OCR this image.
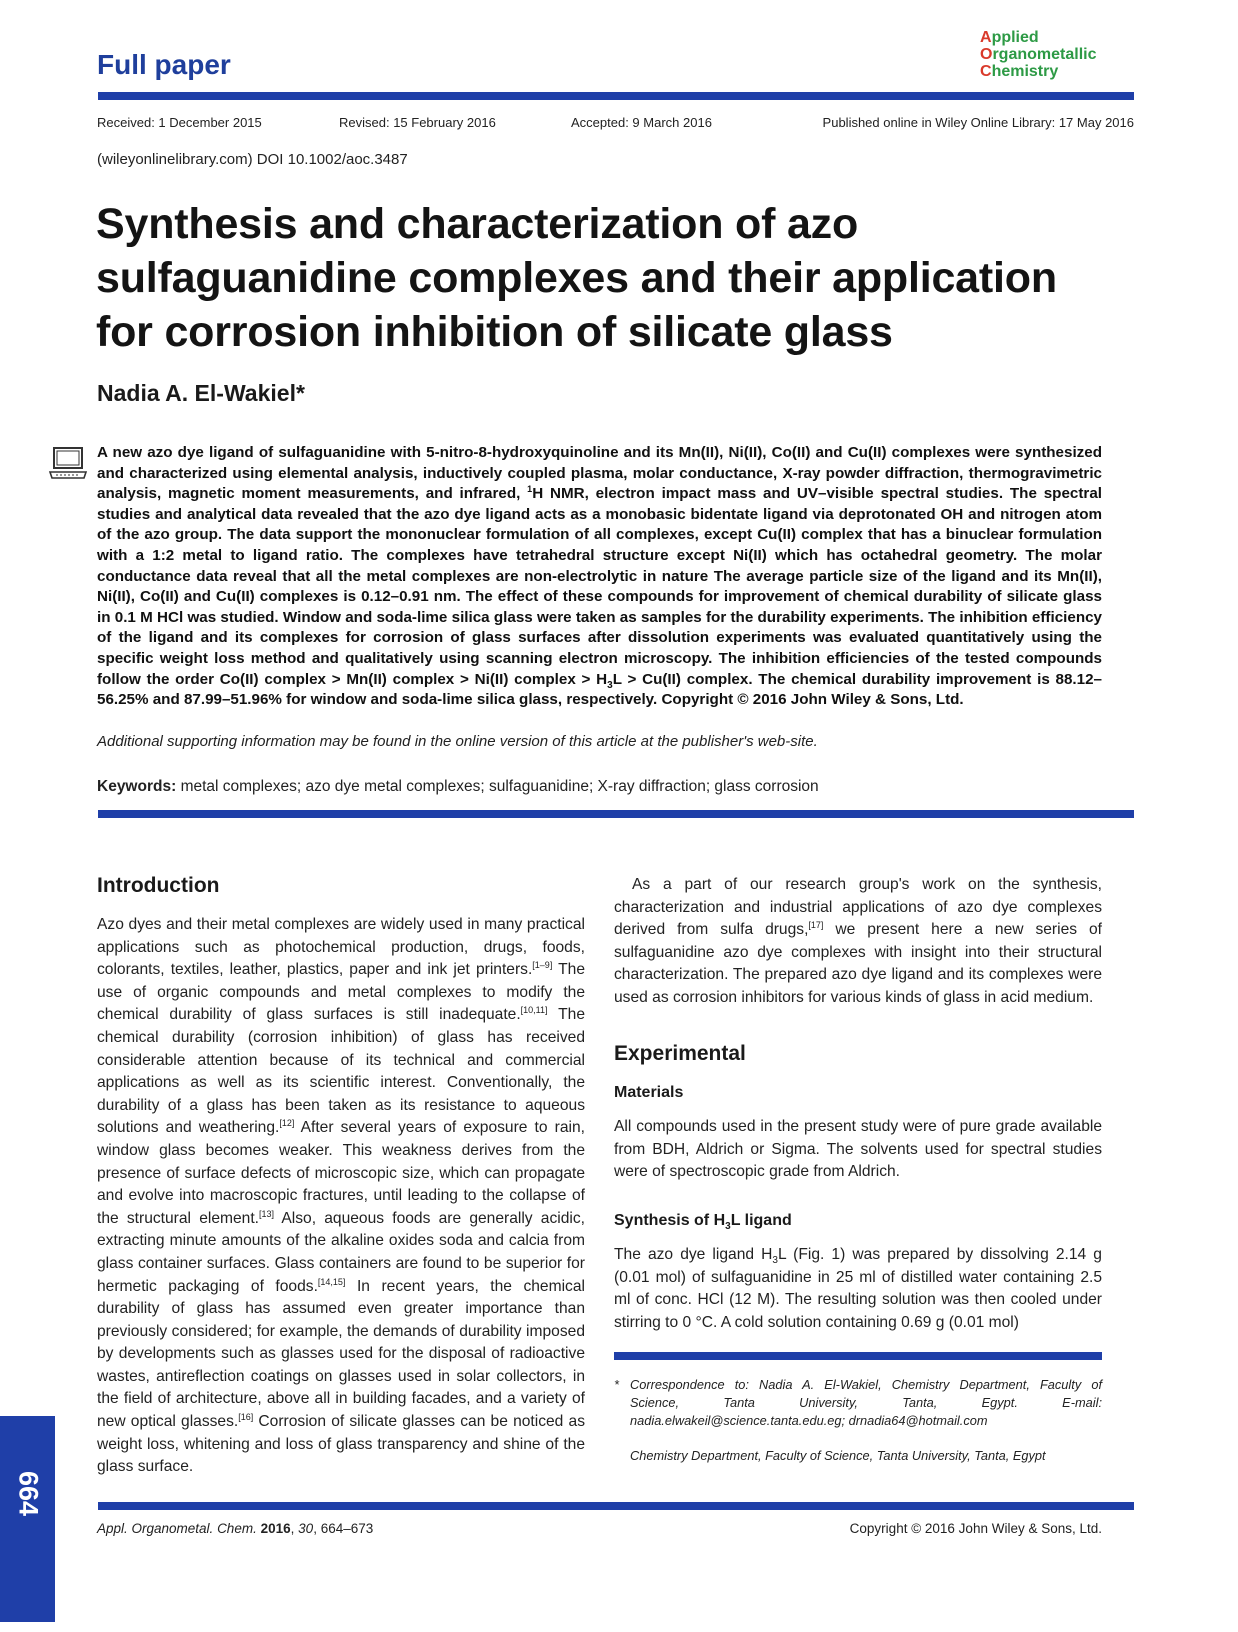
Full paper
Applied
Organometallic
Chemistry
Received: 1 December 2015	Revised: 15 February 2016	Accepted: 9 March 2016	Published online in Wiley Online Library: 17 May 2016
(wileyonlinelibrary.com) DOI 10.1002/aoc.3487
Synthesis and characterization of azo
sulfaguanidine complexes and their application
for corrosion inhibition of silicate glass
Nadia A. El-Wakiel*
A new azo dye ligand of sulfaguanidine with 5-nitro-8-hydroxyquinoline and its Mn(II), Ni(II), Co(II) and Cu(II) complexes were synthesized and characterized using elemental analysis, inductively coupled plasma, molar conductance, X-ray powder diffraction, thermogravimetric analysis, magnetic moment measurements, and infrared, $^1$H NMR, electron impact mass and UV–visible spectral studies. The spectral studies and analytical data revealed that the azo dye ligand acts as a monobasic bidentate ligand via deprotonated OH and nitrogen atom of the azo group. The data support the mononuclear formulation of all complexes, except Cu(II) complex that has a binuclear formulation with a 1:2 metal to ligand ratio. The complexes have tetrahedral structure except Ni(II) which has octahedral geometry. The molar conductance data reveal that all the metal complexes are non-electrolytic in nature The average particle size of the ligand and its Mn(II), Ni(II), Co(II) and Cu(II) complexes is 0.12–0.91 nm. The effect of these compounds for improvement of chemical durability of silicate glass in 0.1 M HCl was studied. Window and soda-lime silica glass were taken as samples for the durability experiments. The inhibition efficiency of the ligand and its complexes for corrosion of glass surfaces after dissolution experiments was evaluated quantitatively using the specific weight loss method and qualitatively using scanning electron microscopy. The inhibition efficiencies of the tested compounds follow the order Co(II) complex > Mn(II) complex > Ni(II) complex > $H_3L > Cu(II)$ complex. The chemical durability improvement is 88.12–56.25% and 87.99–51.96% for window and soda-lime silica glass, respectively. Copyright © 2016 John Wiley & Sons, Ltd.
Additional supporting information may be found in the online version of this article at the publisher's web-site.
Keywords: metal complexes; azo dye metal complexes; sulfaguanidine; X-ray diffraction; glass corrosion
Introduction

Azo dyes and their metal complexes are widely used in many practical applications such as photochemical production, drugs, foods, colorants, textiles, leather, plastics, paper and ink jet printers.[1–9] The use of organic compounds and metal complexes to modify the chemical durability of glass surfaces is still inadequate.[10,11] The chemical durability (corrosion inhibition) of glass has received considerable attention because of its technical and commercial applications as well as its scientific interest. Conventionally, the durability of a glass has been taken as its resistance to aqueous solutions and weathering.[12] After several years of exposure to rain, window glass becomes weaker. This weakness derives from the presence of surface defects of microscopic size, which can propagate and evolve into macroscopic fractures, until leading to the collapse of the structural element.[13] Also, aqueous foods are generally acidic, extracting minute amounts of the alkaline oxides soda and calcia from glass container surfaces. Glass containers are found to be superior for hermetic packaging of foods.[14,15] In recent years, the chemical durability of glass has assumed even greater importance than previously considered; for example, the demands of durability imposed by developments such as glasses used for the disposal of radioactive wastes, antireflection coatings on glasses used in solar collectors, in the field of architecture, above all in building facades, and a variety of new optical glasses.[16] Corrosion of silicate glasses can be noticed as weight loss, whitening and loss of glass transparency and shine of the glass surface.

As a part of our research group's work on the synthesis, characterization and industrial applications of azo dye complexes derived from sulfa drugs,[17] we present here a new series of sulfaguanidine azo dye complexes with insight into their structural characterization. The prepared azo dye ligand and its complexes were used as corrosion inhibitors for various kinds of glass in acid medium.

Experimental
Materials

All compounds used in the present study were of pure grade available from BDH, Aldrich or Sigma. The solvents used for spectral studies were of spectroscopic grade from Aldrich.

Synthesis of $H_3L$ ligand

The azo dye ligand $H_3L$ (Fig. 1) was prepared by dissolving 2.14 g (0.01 mol) of sulfaguanidine in 25 ml of distilled water containing 2.5 ml of conc. HCl (12 M). The resulting solution was then cooled under stirring to 0 °C. A cold solution containing 0.69 g (0.01 mol)

* Correspondence to: Nadia A. El-Wakiel, Chemistry Department, Faculty of Science, Tanta University, Tanta, Egypt. E-mail: nadia.elwakeil@science.tanta.edu.eg; drnadia64@hotmail.com
Chemistry Department, Faculty of Science, Tanta University, Tanta, Egypt
664
Appl. Organometal. Chem. 2016, 30, 664–673	Copyright © 2016 John Wiley & Sons, Ltd.
